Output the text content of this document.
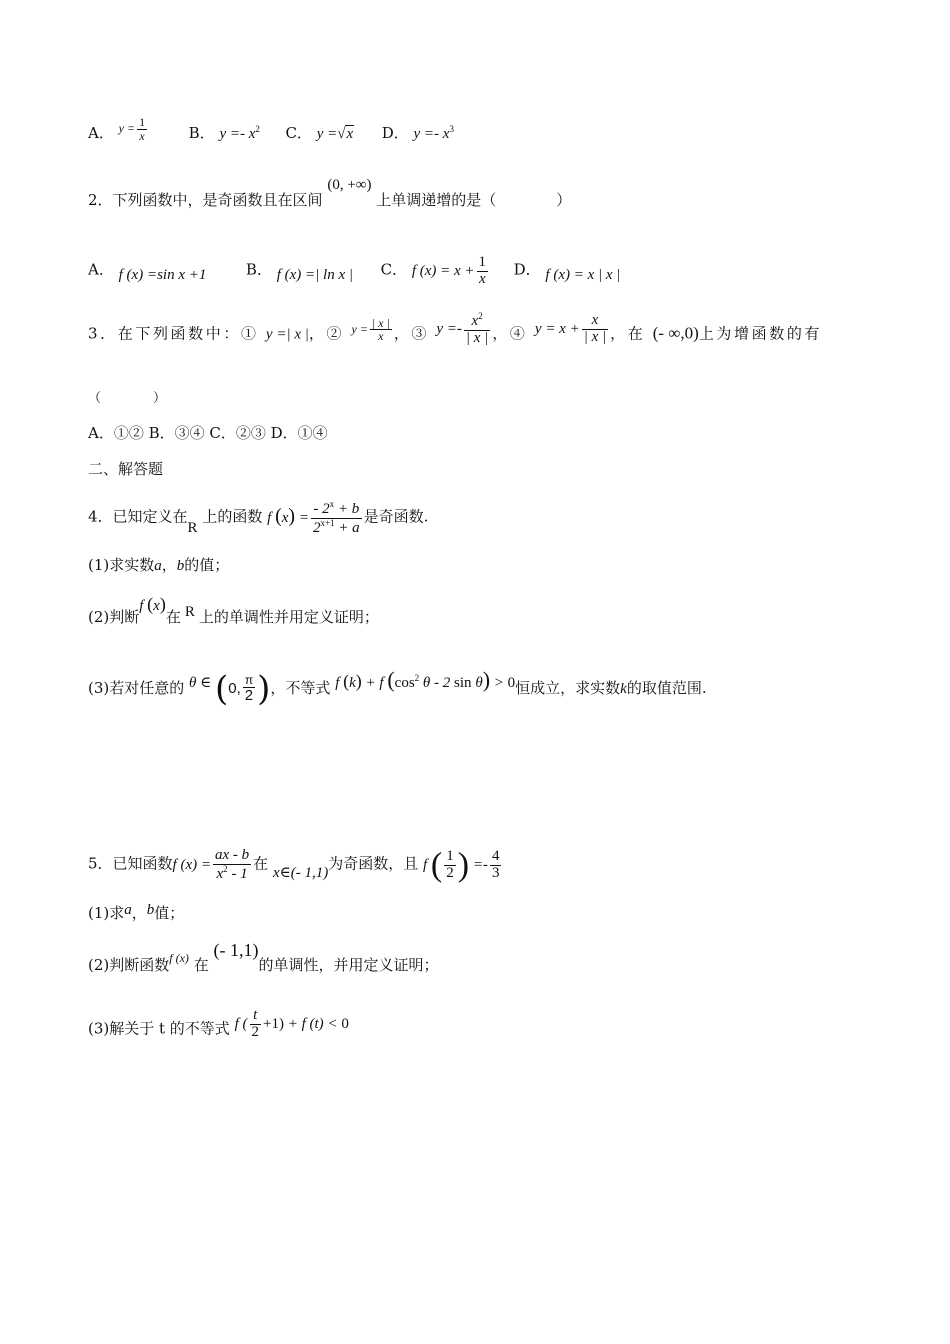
A． $^{y = \frac{1}{x}}$	B． $y =- x^2$ C． y =√x D． $y =- x^3$
2．下列函数中，是奇函数且在区间 (0, +∞) 上单调递增的是（　　　　）
A． f (x) =sin x +1	B． f (x) =| ln x | C． f $(x) = x + \frac{1}{x}$ D． f (x) = x | x |
3．在下列函数中：① y =| x |，② $^{y = \frac{| x |}{x}}$ ，③ $y =- \frac{x^2}{| x |}$ ，④ $y = x + \frac{x}{| x |}$ ，在 (- ∞,0)上为增函数的有
（　　　　）
A．①② B．③④ C．②③ D．①④
二、解答题
4．已知定义在R 上的函数 f $(x) = \frac{- 2^x + b}{2^{x+1} + a}$ 是奇函数.
(1)求实数a，b的值；
(2)判断f (x)在 R 上的单调性并用定义证明；
(3)若对任意的 θ ∈ (0, $\frac{\pi}{2}$ )，不等式 f (k) + f ($\cos^2$ θ - 2 sin θ) > 0恒成立，求实数k的取值范围.
5．已知函数f $(x) = \frac{ax - b}{x^2 - 1}$ 在 x∈(- 1,1)为奇函数，且 f ( $\frac{1}{2}$ ) =- $\frac{4}{3}$
(1)求a，b值；
(2)判断函数$^{f (x)}$ 在 (- 1,1)的单调性，并用定义证明；
(3)解关于 t 的不等式 f ( $\frac{t}{2} +1) + f$ (t) < 0
